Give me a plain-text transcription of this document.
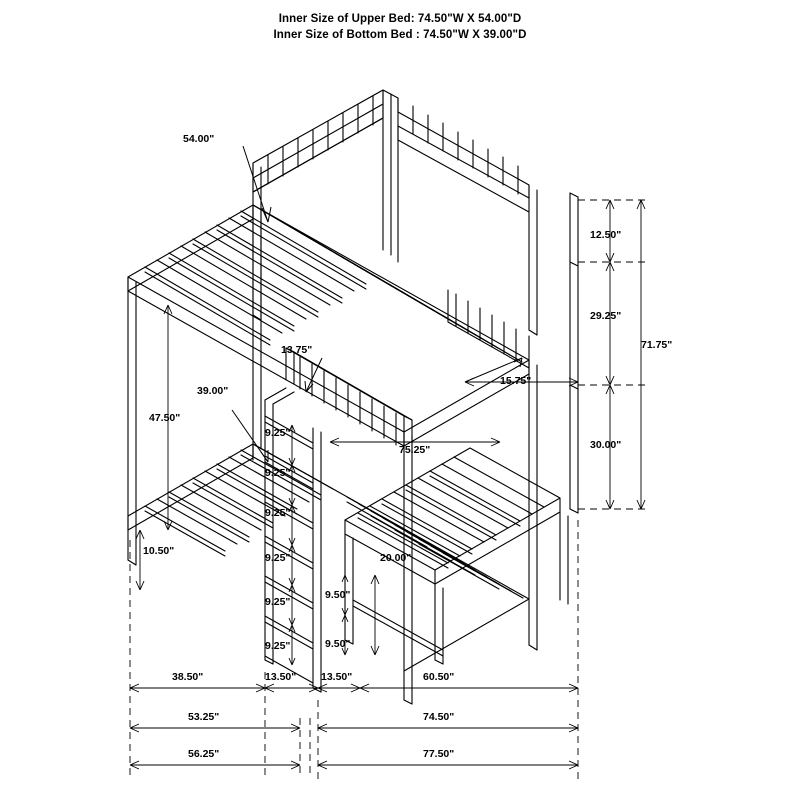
Inner Size of Upper Bed: 74.50"W X 54.00"D
Inner Size of Bottom Bed : 74.50"W X 39.00"D
54.00"
12.50"
29.25"
71.75"
30.00"
13.75"
47.50"
39.00"
15.75"
75.25"
9.25"
9.25"
9.25"
9.25"
9.25"
9.25"
10.50"
9.50"
9.50"
20.00"
38.50"	13.50" 13.50"	60.50"
53.25"	74.50"
56.25"	77.50"
